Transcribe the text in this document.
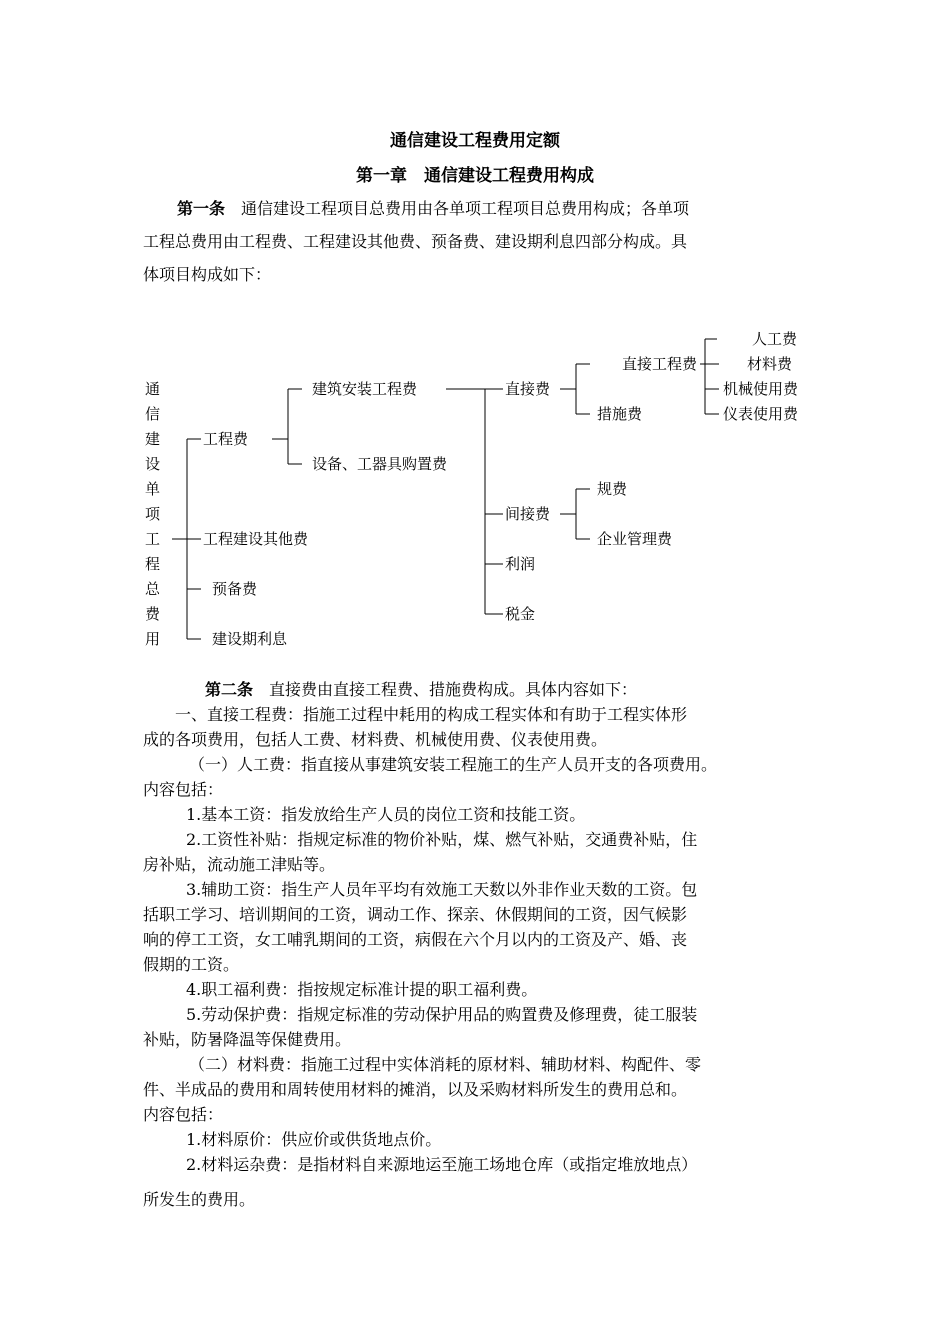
通信建设工程费用定额
第一章　通信建设工程费用构成
第一条　通信建设工程项目总费用由各单项工程项目总费用构成；各单项
工程总费用由工程费、工程建设其他费、预备费、建设期利息四部分构成。具
体项目构成如下：
通
信
建
设
单
项
工
程
总
费
用
工程费
工程建设其他费
预备费
建设期利息
建筑安装工程费
设备、工器具购置费
直接费
间接费
利润
税金
直接工程费
措施费
规费
企业管理费
人工费
材料费
机械使用费
仪表使用费
第二条　直接费由直接工程费、措施费构成。具体内容如下：
一、直接工程费：指施工过程中耗用的构成工程实体和有助于工程实体形
成的各项费用，包括人工费、材料费、机械使用费、仪表使用费。
（一）人工费：指直接从事建筑安装工程施工的生产人员开支的各项费用。
内容包括：
1.基本工资：指发放给生产人员的岗位工资和技能工资。
2.工资性补贴：指规定标准的物价补贴，煤、燃气补贴，交通费补贴，住
房补贴，流动施工津贴等。
3.辅助工资：指生产人员年平均有效施工天数以外非作业天数的工资。包
括职工学习、培训期间的工资，调动工作、探亲、休假期间的工资，因气候影
响的停工工资，女工哺乳期间的工资，病假在六个月以内的工资及产、婚、丧
假期的工资。
4.职工福利费：指按规定标准计提的职工福利费。
5.劳动保护费：指规定标准的劳动保护用品的购置费及修理费，徒工服装
补贴，防暑降温等保健费用。
（二）材料费：指施工过程中实体消耗的原材料、辅助材料、构配件、零
件、半成品的费用和周转使用材料的摊消，以及采购材料所发生的费用总和。
内容包括：
1.材料原价：供应价或供货地点价。
2.材料运杂费：是指材料自来源地运至施工场地仓库（或指定堆放地点）
所发生的费用。
